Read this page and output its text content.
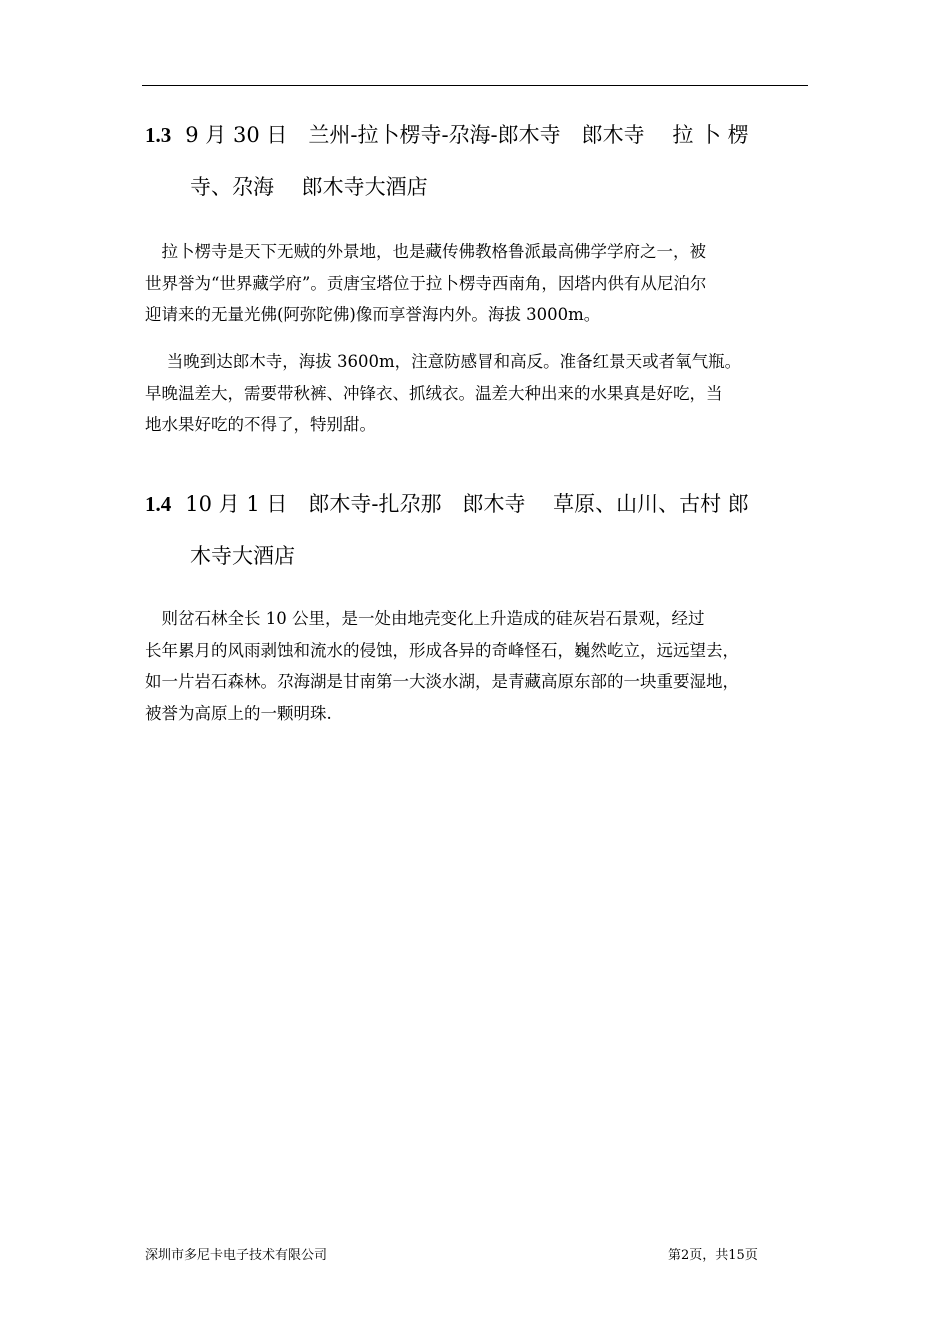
1.3 9 月 30 日　兰州-拉卜楞寺-尕海-郎木寺　郎木寺　 拉 卜 楞
寺、尕海　 郎木寺大酒店

　拉卜楞寺是天下无贼的外景地，也是藏传佛教格鲁派最高佛学学府之一，被
世界誉为“世界藏学府”。贡唐宝塔位于拉卜楞寺西南角，因塔内供有从尼泊尔
迎请来的无量光佛(阿弥陀佛)像而享誉海内外。海拔 3000m。

　 当晚到达郎木寺，海拔 3600m，注意防感冒和高反。准备红景天或者氧气瓶。
早晚温差大，需要带秋裤、冲锋衣、抓绒衣。温差大种出来的水果真是好吃，当
地水果好吃的不得了，特别甜。

1.4 10 月 1 日　郎木寺-扎尕那　郎木寺　 草原、山川、古村 郎
木寺大酒店

　则岔石林全长 10 公里，是一处由地壳变化上升造成的硅灰岩石景观，经过
长年累月的风雨剥蚀和流水的侵蚀，形成各异的奇峰怪石，巍然屹立，远远望去，
如一片岩石森林。尕海湖是甘南第一大淡水湖，是青藏高原东部的一块重要湿地，
被誉为高原上的一颗明珠.

深圳市多尼卡电子技术有限公司	第2页，共15页
